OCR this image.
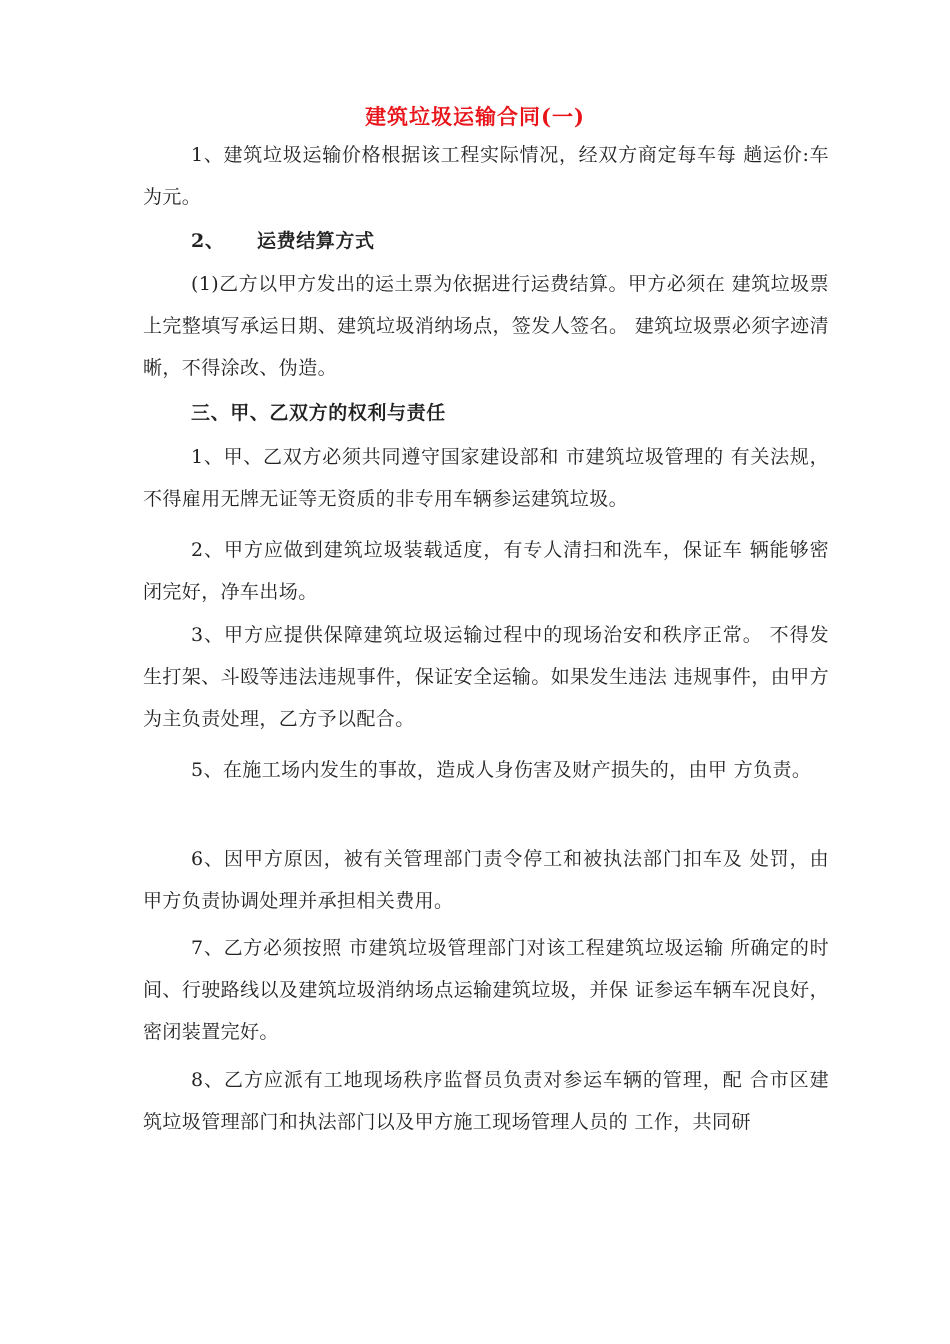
建筑垃圾运输合同(一)

1、建筑垃圾运输价格根据该工程实际情况，经双方商定每车每 趟运价:车为元。

2、 运费结算方式

(1)乙方以甲方发出的运土票为依据进行运费结算。甲方必须在 建筑垃圾票上完整填写承运日期、建筑垃圾消纳场点，签发人签名。 建筑垃圾票必须字迹清晰，不得涂改、伪造。

三、甲、乙双方的权利与责任

1、甲、乙双方必须共同遵守国家建设部和 市建筑垃圾管理的 有关法规，不得雇用无牌无证等无资质的非专用车辆参运建筑垃圾。

2、甲方应做到建筑垃圾装载适度，有专人清扫和洗车，保证车 辆能够密闭完好，净车出场。

3、甲方应提供保障建筑垃圾运输过程中的现场治安和秩序正常。 不得发生打架、斗殴等违法违规事件，保证安全运输。如果发生违法 违规事件，由甲方为主负责处理，乙方予以配合。

5、在施工场内发生的事故，造成人身伤害及财产损失的，由甲 方负责。

6、因甲方原因，被有关管理部门责令停工和被执法部门扣车及 处罚，由甲方负责协调处理并承担相关费用。

7、乙方必须按照 市建筑垃圾管理部门对该工程建筑垃圾运输 所确定的时间、行驶路线以及建筑垃圾消纳场点运输建筑垃圾，并保 证参运车辆车况良好，密闭装置完好。

8、乙方应派有工地现场秩序监督员负责对参运车辆的管理，配 合市区建筑垃圾管理部门和执法部门以及甲方施工现场管理人员的 工作，共同研
